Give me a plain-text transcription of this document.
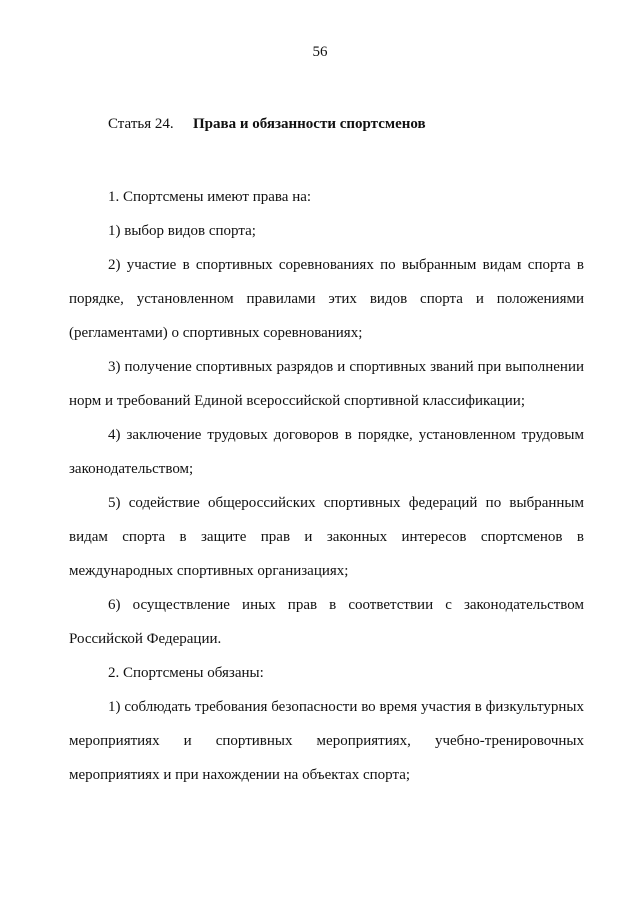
56
Статья 24. Права и обязанности спортсменов

1. Спортсмены имеют права на:

1) выбор видов спорта;

2) участие в спортивных соревнованиях по выбранным видам спорта в порядке, установленном правилами этих видов спорта и положениями (регламентами) о спортивных соревнованиях;

3) получение спортивных разрядов и спортивных званий при выполнении норм и требований Единой всероссийской спортивной классификации;

4) заключение трудовых договоров в порядке, установленном трудовым законодательством;

5) содействие общероссийских спортивных федераций по выбранным видам спорта в защите прав и законных интересов спортсменов в международных спортивных организациях;

6) осуществление иных прав в соответствии с законодательством Российской Федерации.

2. Спортсмены обязаны:

1) соблюдать требования безопасности во время участия в физкультурных мероприятиях и спортивных мероприятиях, учебно-тренировочных мероприятиях и при нахождении на объектах спорта;
